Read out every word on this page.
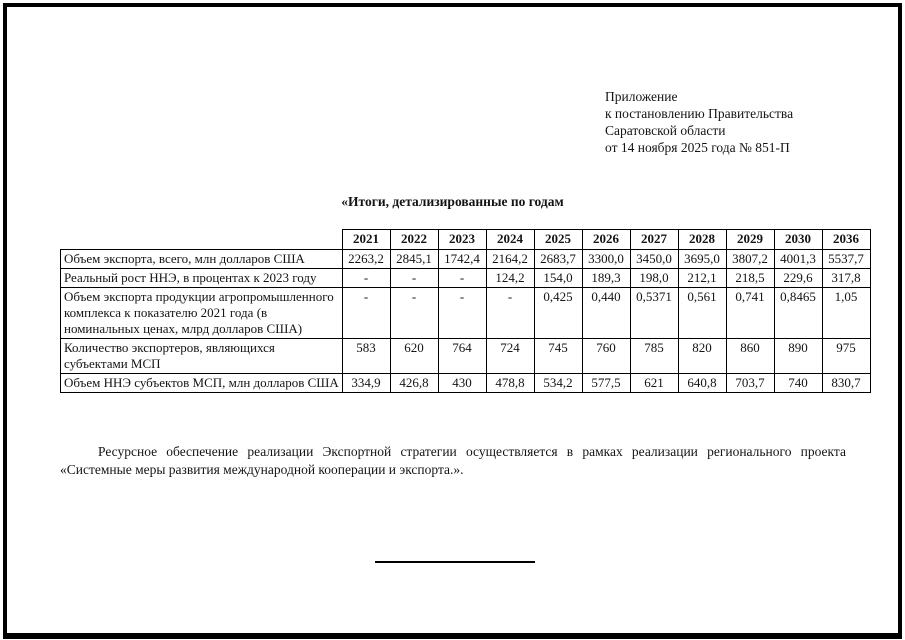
Приложение
к постановлению Правительства
Саратовской области
от 14 ноября 2025 года № 851-П
«Итоги, детализированные по годам
	2021	2022	2023	2024	2025	2026	2027	2028	2029	2030	2036
Объем экспорта, всего, млн долларов США	2263,2	2845,1	1742,4	2164,2	2683,7	3300,0	3450,0	3695,0	3807,2	4001,3	5537,7
Реальный рост ННЭ, в процентах к 2023 году	-	-	-	124,2	154,0	189,3	198,0	212,1	218,5	229,6	317,8
Объем экспорта продукции агропромышленного комплекса к показателю 2021 года (в номинальных ценах, млрд долларов США)	-	-	-	-	0,425	0,440	0,5371	0,561	0,741	0,8465	1,05
Количество экспортеров, являющихся субъектами МСП	583	620	764	724	745	760	785	820	860	890	975
Объем ННЭ субъектов МСП, млн долларов США	334,9	426,8	430	478,8	534,2	577,5	621	640,8	703,7	740	830,7
Ресурсное обеспечение реализации Экспортной стратегии осуществляется в рамках реализации регионального проекта «Системные меры развития международной кооперации и экспорта.».
